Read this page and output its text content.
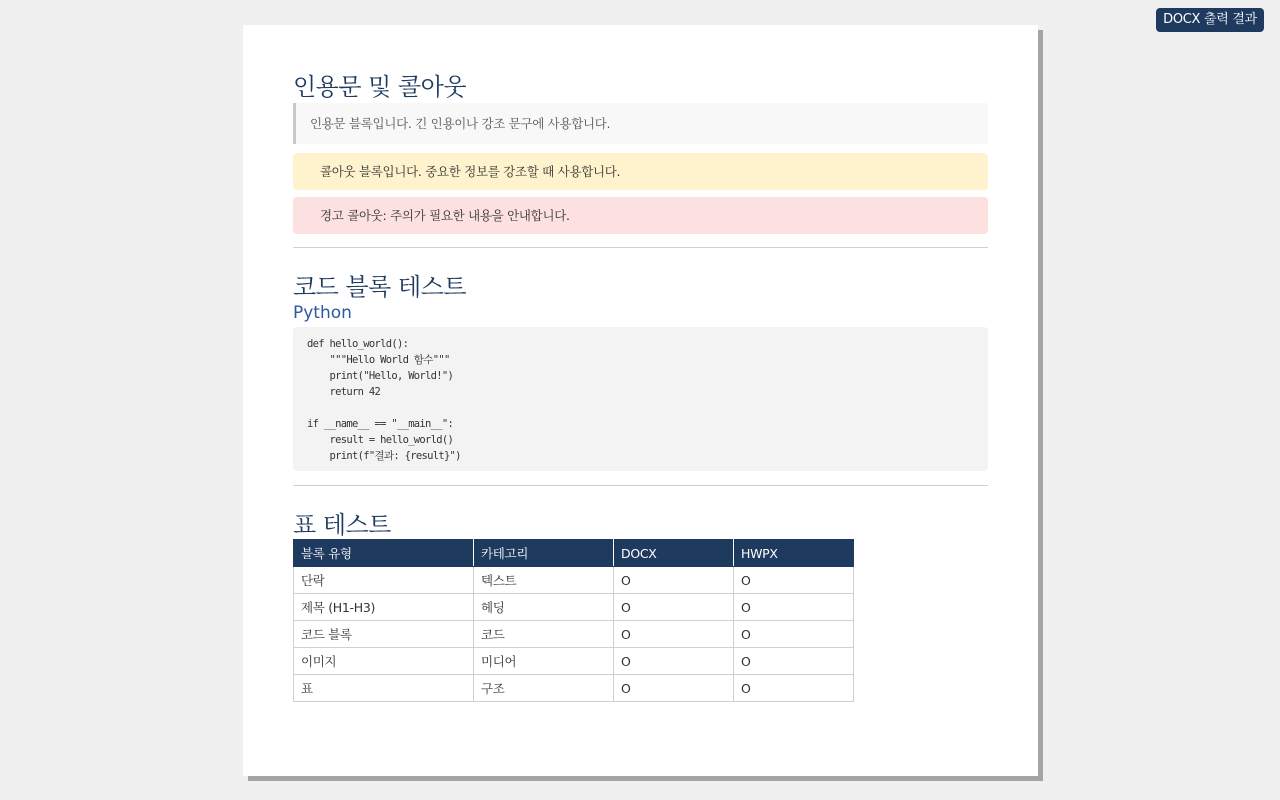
DOCX 출력 결과
인용문 및 콜아웃
인용문 블록입니다. 긴 인용이나 강조 문구에 사용합니다.
콜아웃 블록입니다. 중요한 정보를 강조할 때 사용합니다.
경고 콜아웃: 주의가 필요한 내용을 안내합니다.
코드 블록 테스트
Python
def hello_world():
"""Hello World 함수"""
print("Hello, World!")
return 42

if __name__ == "__main__":
result = hello_world()
print(f"결과: {result}")
표 테스트
블록 유형	카테고리	DOCX	HWPX
단락	텍스트	O	O
제목 (H1-H3)	헤딩	O	O
코드 블록	코드	O	O
이미지	미디어	O	O
표	구조	O	O
